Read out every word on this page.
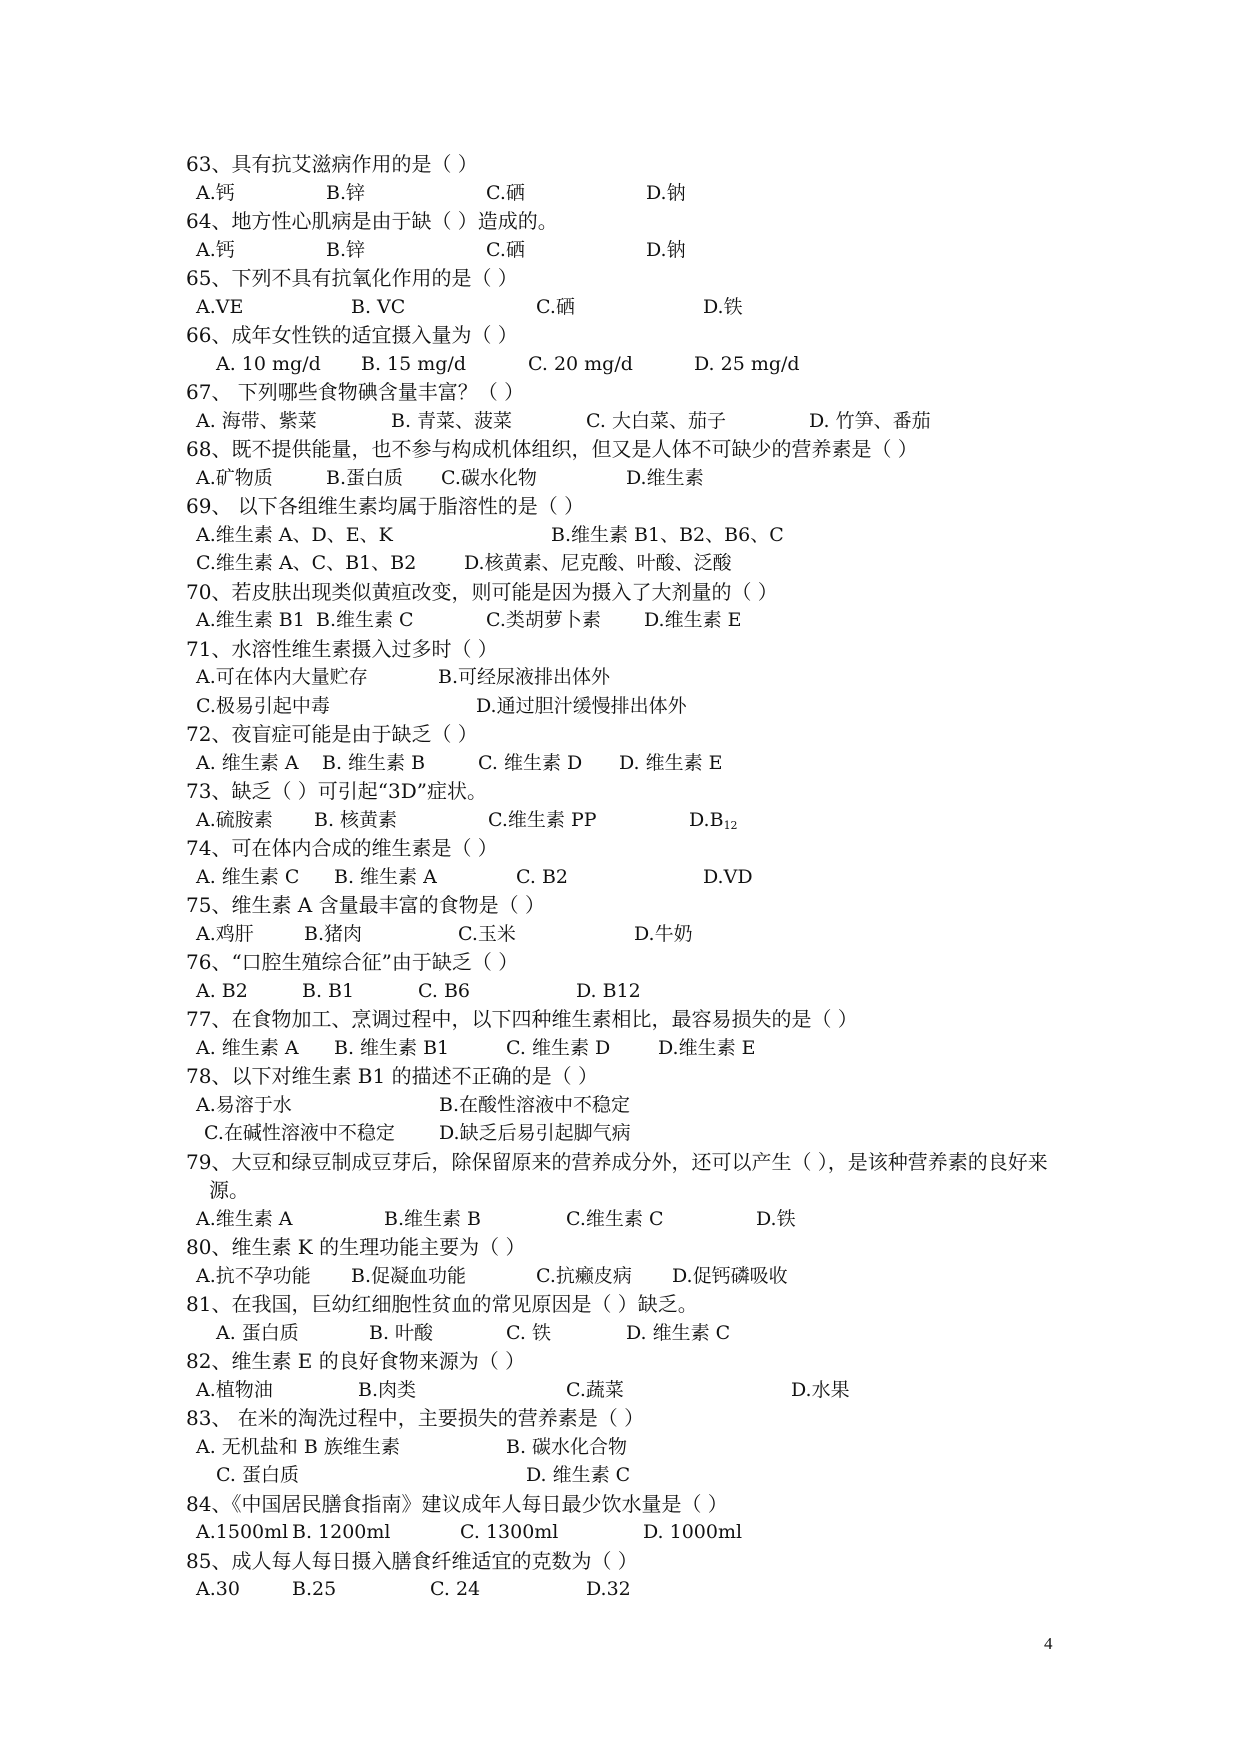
63、具有抗艾滋病作用的是（ ）
A.钙	B.锌	C.硒	D.钠
64、地方性心肌病是由于缺（ ）造成的。
A.钙	B.锌	C.硒	D.钠
65、下列不具有抗氧化作用的是（ ）
A.VE	B. VC	C.硒	D.铁
66、成年女性铁的适宜摄入量为（ ）
A. 10 mg/d B. 15 mg/d	C. 20 mg/d	D. 25 mg/d
67、 下列哪些食物碘含量丰富？（ ）
A. 海带、紫菜	B. 青菜、菠菜	C. 大白菜、茄子	D. 竹笋、番茄
68、既不提供能量，也不参与构成机体组织，但又是人体不可缺少的营养素是（ ）
A.矿物质	B.蛋白质 C.碳水化物	D.维生素
69、 以下各组维生素均属于脂溶性的是（ ）
A.维生素 A、D、E、K	B.维生素 B1、B2、B6、C
C.维生素 A、C、B1、B2	D.核黄素、尼克酸、叶酸、泛酸
70、若皮肤出现类似黄疸改变，则可能是因为摄入了大剂量的（ ）
A.维生素 B1 B.维生素 C	C.类胡萝卜素 D.维生素 E
71、水溶性维生素摄入过多时（ ）
A.可在体内大量贮存	B.可经尿液排出体外
C.极易引起中毒	D.通过胆汁缓慢排出体外
72、夜盲症可能是由于缺乏（ ）
A. 维生素 A B. 维生素 B	C. 维生素 D D. 维生素 E
73、缺乏（ ）可引起“3D”症状。
A.硫胺素 B. 核黄素	C.维生素 PP	$D.B_{12}$
74、可在体内合成的维生素是（ ）
A. 维生素 C B. 维生素 A	C. B2	D.VD
75、维生素 A 含量最丰富的食物是（ ）
A.鸡肝	B.猪肉	C.玉米	D.牛奶
76、“口腔生殖综合征”由于缺乏（ ）
A. B2	B. B1	C. B6	D. B12
77、在食物加工、烹调过程中，以下四种维生素相比，最容易损失的是（ ）
A. 维生素 A B. 维生素 B1	C. 维生素 D	D.维生素 E
78、以下对维生素 B1 的描述不正确的是（ ）
A.易溶于水	B.在酸性溶液中不稳定
C.在碱性溶液中不稳定 D.缺乏后易引起脚气病
79、大豆和绿豆制成豆芽后，除保留原来的营养成分外，还可以产生（ ），是该种营养素的良好来源。
A.维生素 A	B.维生素 B	C.维生素 C	D.铁
80、维生素 K 的生理功能主要为（ ）
A.抗不孕功能 B.促凝血功能	C.抗癞皮病 D.促钙磷吸收
81、在我国，巨幼红细胞性贫血的常见原因是（ ）缺乏。
A. 蛋白质	B. 叶酸	C. 铁	D. 维生素 C
82、维生素 E 的良好食物来源为（ ）
A.植物油	B.肉类	C.蔬菜	D.水果
83、 在米的淘洗过程中，主要损失的营养素是（ ）
A. 无机盐和 B 族维生素	B. 碳水化合物
C. 蛋白质	D. 维生素 C
84、《中国居民膳食指南》建议成年人每日最少饮水量是（ ）
A.1500ml B. 1200ml	C. 1300ml	D. 1000ml
85、成人每人每日摄入膳食纤维适宜的克数为（ ）
A.30	B.25	C. 24	D.32
4
